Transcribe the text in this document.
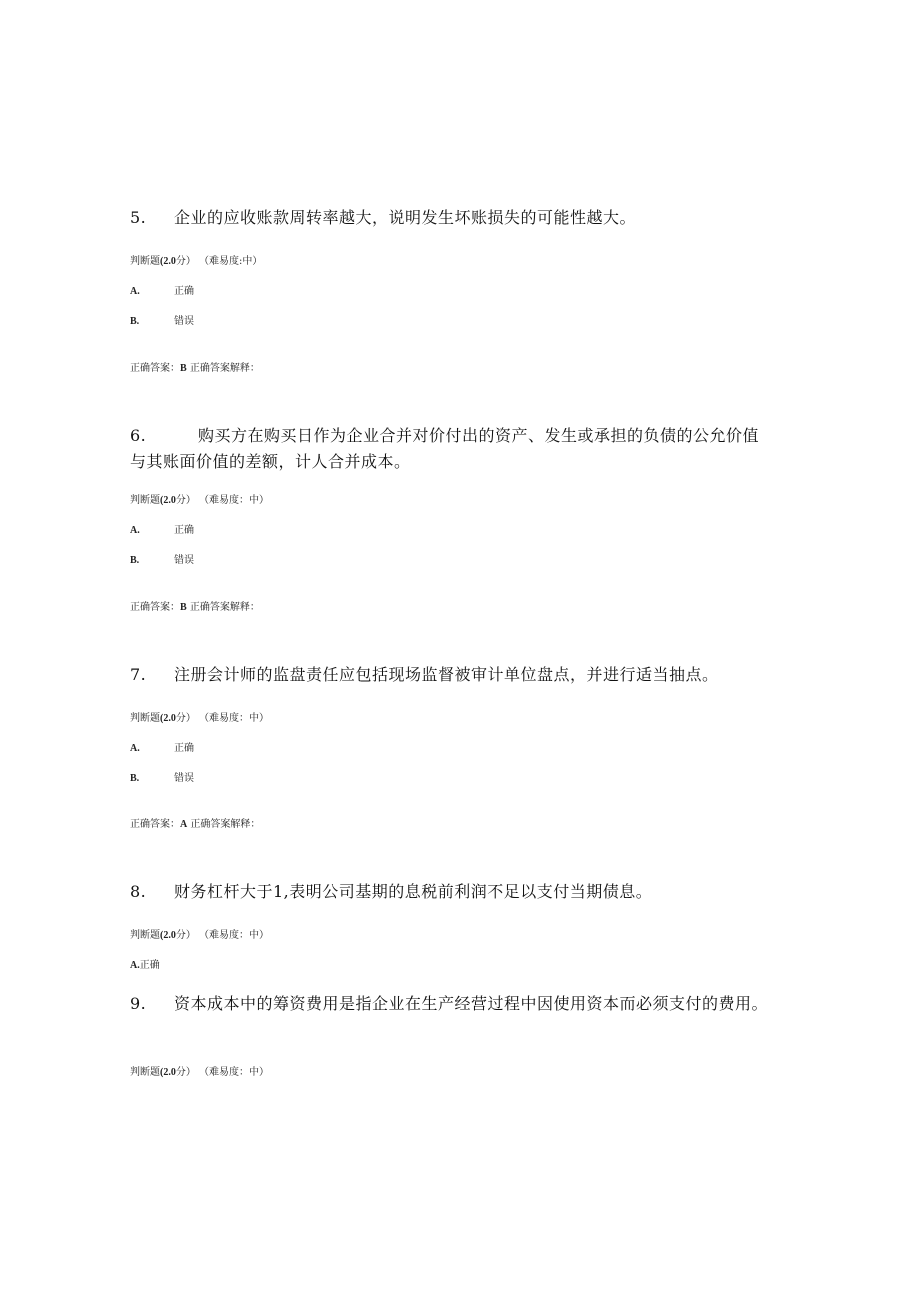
5. 企业的应收账款周转率越大，说明发生坏账损失的可能性越大。
判断题(2.0分） （难易度:中）
A.	正确
B.	错误
正确答案：B 正确答案解释：
6.	购买方在购买日作为企业合并对价付出的资产、发生或承担的负债的公允价值与其账面价值的差额，计人合并成本。
判断题(2.0分） （难易度：中）
A.	正确
B.	错误
正确答案：B 正确答案解释：
7. 注册会计师的监盘责任应包括现场监督被审计单位盘点，并进行适当抽点。
判断题(2.0分） （难易度：中）
A.	正确
B.	错误
正确答案：A 正确答案解释：
8. 财务杠杆大于1,表明公司基期的息税前利润不足以支付当期债息。
判断题(2.0分） （难易度：中）
A.正确
9. 资本成本中的筹资费用是指企业在生产经营过程中因使用资本而必须支付的费用。
判断题(2.0分） （难易度：中）
